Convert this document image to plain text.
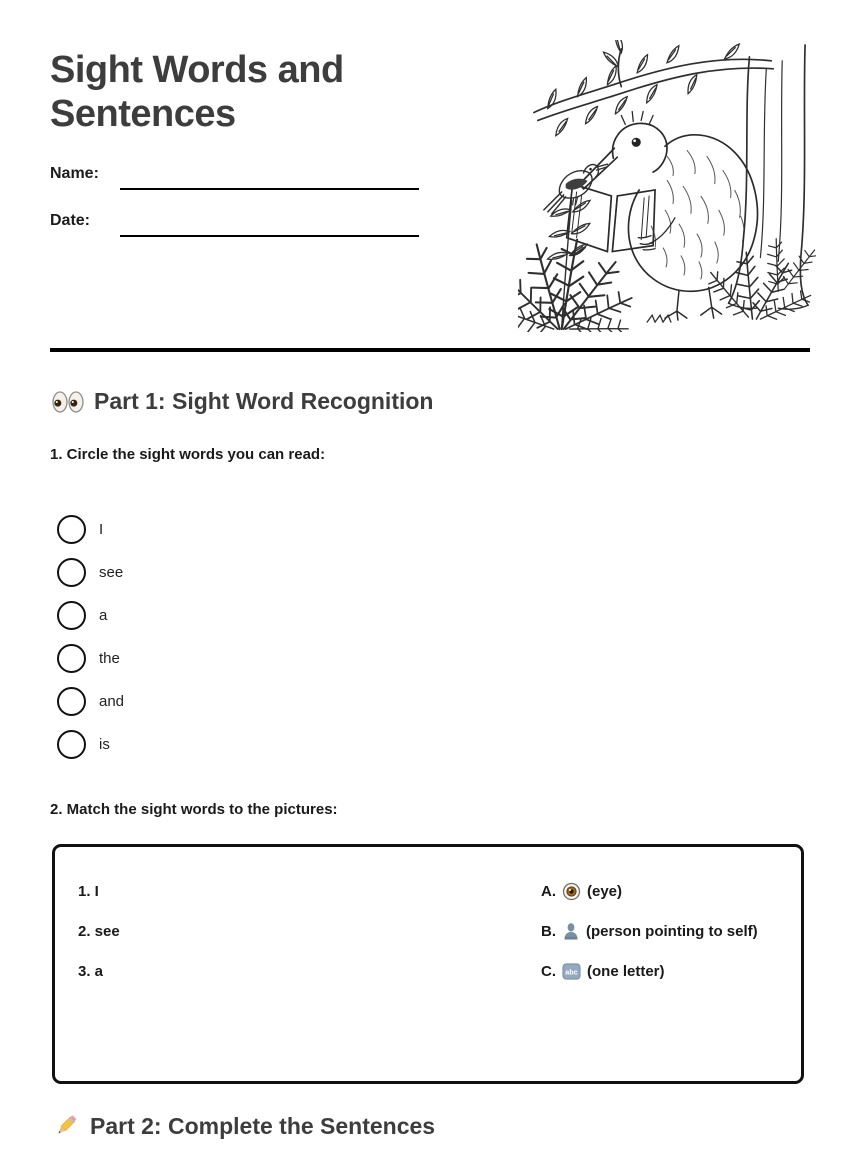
Sight Words and Sentences
Name:
Date:
Part 1: Sight Word Recognition
1. Circle the sight words you can read:
I
see
a
the
and
is
2. Match the sight words to the pictures:
1. I
2. see
3. a
A. (eye)
B. (person pointing to self)
C. abc (one letter)
Part 2: Complete the Sentences
